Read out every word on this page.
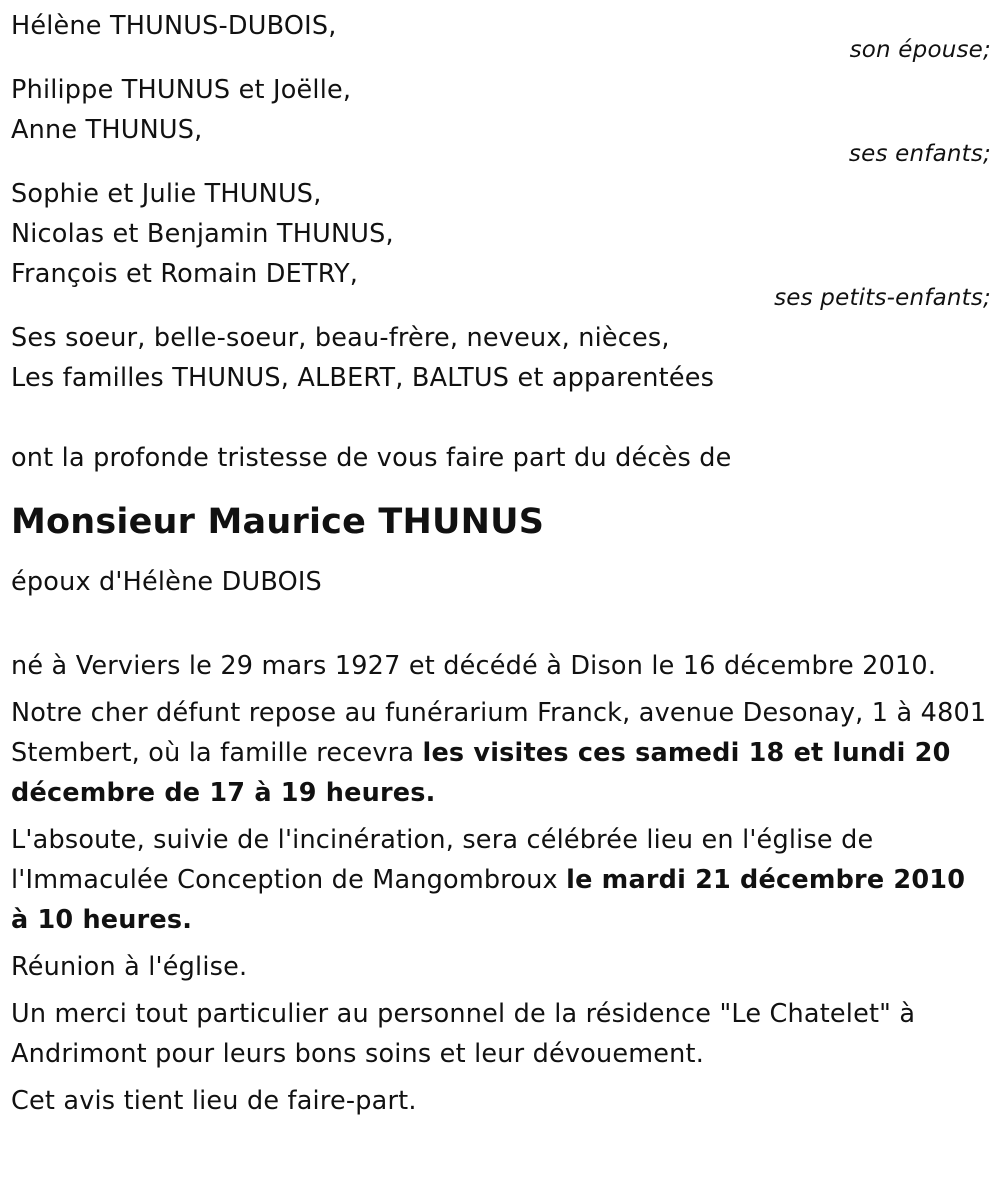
Hélène THUNUS-DUBOIS,
son épouse;
Philippe THUNUS et Joëlle,
Anne THUNUS,
ses enfants;
Sophie et Julie THUNUS,
Nicolas et Benjamin THUNUS,
François et Romain DETRY,
ses petits-enfants;
Ses soeur, belle-soeur, beau-frère, neveux, nièces,
Les familles THUNUS, ALBERT, BALTUS et apparentées
ont la profonde tristesse de vous faire part du décès de
Monsieur Maurice THUNUS
époux d'Hélène DUBOIS
né à Verviers le 29 mars 1927 et décédé à Dison le 16 décembre 2010.
Notre cher défunt repose au funérarium Franck, avenue Desonay, 1 à 4801 Stembert, où la famille recevra les visites ces samedi 18 et lundi 20 décembre de 17 à 19 heures.
L'absoute, suivie de l'incinération, sera célébrée lieu en l'église de l'Immaculée Conception de Mangombroux le mardi 21 décembre 2010 à 10 heures.
Réunion à l'église.
Un merci tout particulier au personnel de la résidence "Le Chatelet" à Andrimont pour leurs bons soins et leur dévouement.
Cet avis tient lieu de faire-part.
